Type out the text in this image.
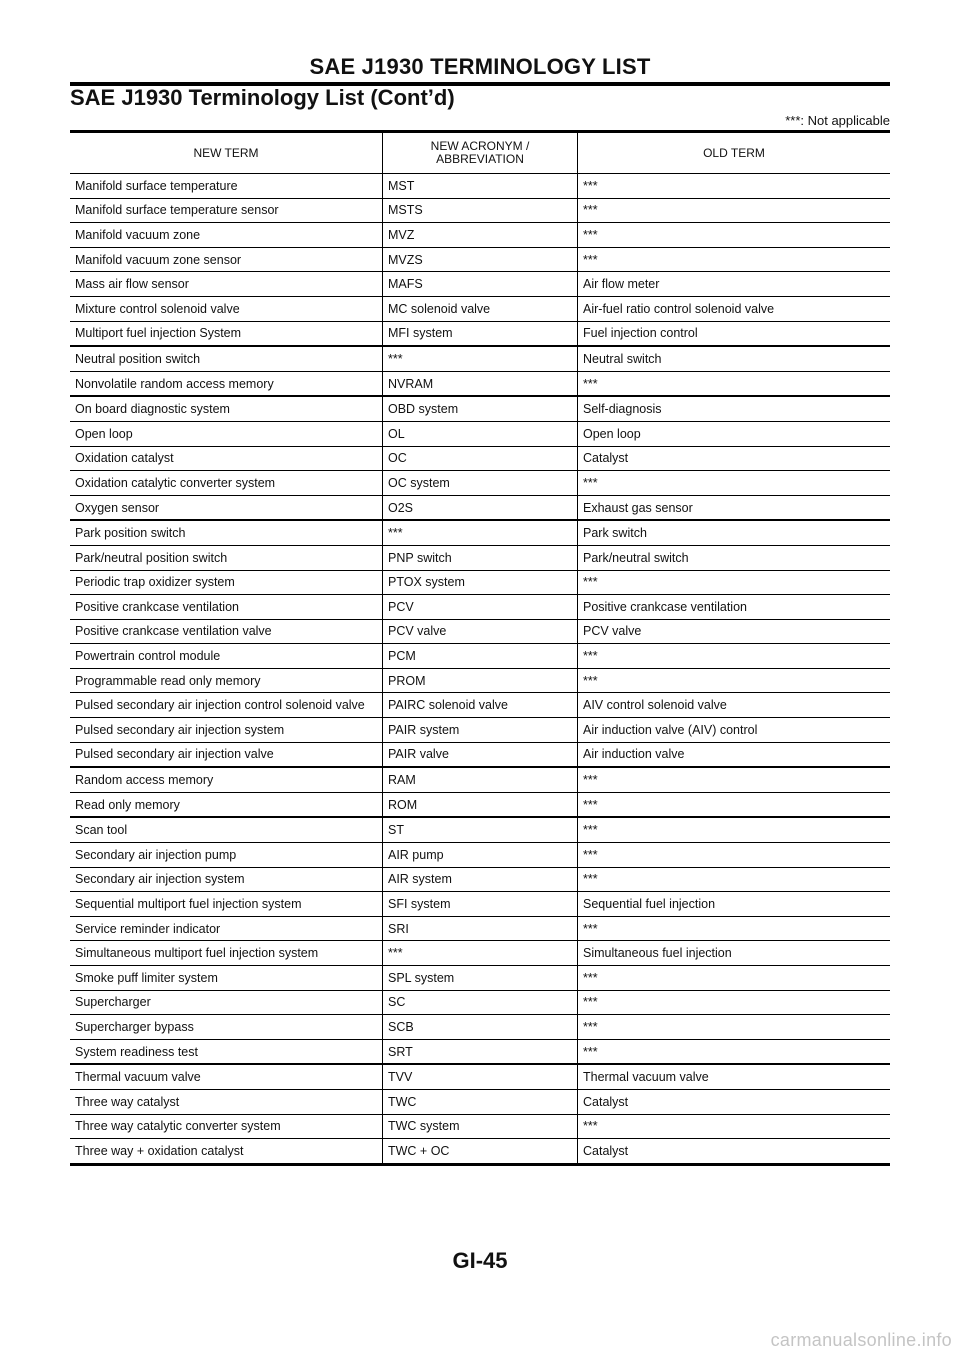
SAE J1930 TERMINOLOGY LIST
SAE J1930 Terminology List (Cont’d)
***: Not applicable
NEW TERM	NEW ACRONYM / ABBREVIATION	OLD TERM
Manifold surface temperature	MST	***
Manifold surface temperature sensor	MSTS	***
Manifold vacuum zone	MVZ	***
Manifold vacuum zone sensor	MVZS	***
Mass air flow sensor	MAFS	Air flow meter
Mixture control solenoid valve	MC solenoid valve	Air-fuel ratio control solenoid valve
Multiport fuel injection System	MFI system	Fuel injection control
Neutral position switch	***	Neutral switch
Nonvolatile random access memory	NVRAM	***
On board diagnostic system	OBD system	Self-diagnosis
Open loop	OL	Open loop
Oxidation catalyst	OC	Catalyst
Oxidation catalytic converter system	OC system	***
Oxygen sensor	O2S	Exhaust gas sensor
Park position switch	***	Park switch
Park/neutral position switch	PNP switch	Park/neutral switch
Periodic trap oxidizer system	PTOX system	***
Positive crankcase ventilation	PCV	Positive crankcase ventilation
Positive crankcase ventilation valve	PCV valve	PCV valve
Powertrain control module	PCM	***
Programmable read only memory	PROM	***
Pulsed secondary air injection control solenoid valve	PAIRC solenoid valve	AIV control solenoid valve
Pulsed secondary air injection system	PAIR system	Air induction valve (AIV) control
Pulsed secondary air injection valve	PAIR valve	Air induction valve
Random access memory	RAM	***
Read only memory	ROM	***
Scan tool	ST	***
Secondary air injection pump	AIR pump	***
Secondary air injection system	AIR system	***
Sequential multiport fuel injection system	SFI system	Sequential fuel injection
Service reminder indicator	SRI	***
Simultaneous multiport fuel injection system	***	Simultaneous fuel injection
Smoke puff limiter system	SPL system	***
Supercharger	SC	***
Supercharger bypass	SCB	***
System readiness test	SRT	***
Thermal vacuum valve	TVV	Thermal vacuum valve
Three way catalyst	TWC	Catalyst
Three way catalytic converter system	TWC system	***
Three way + oxidation catalyst	TWC + OC	Catalyst
GI-45
carmanualsonline.info
